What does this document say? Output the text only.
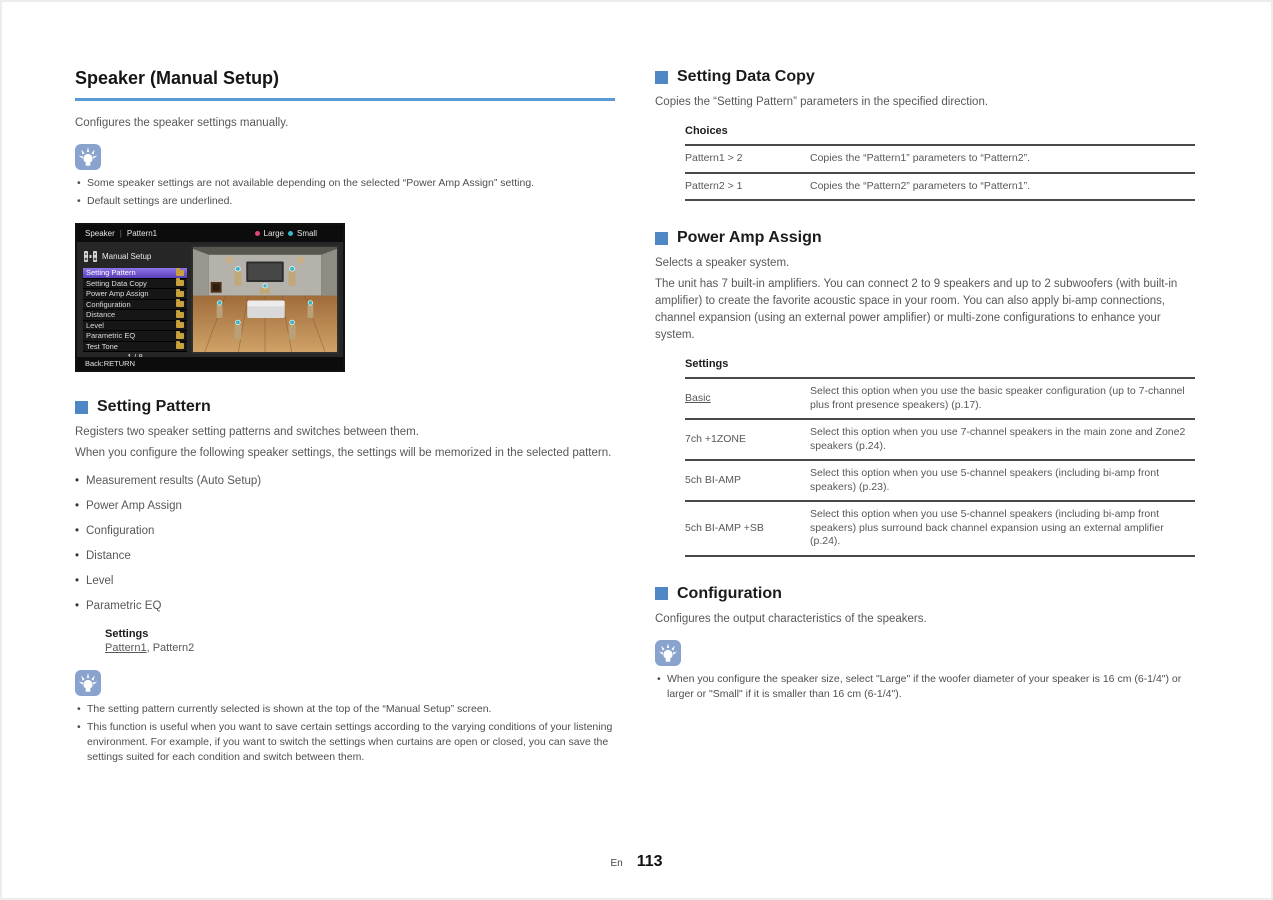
Speaker (Manual Setup)

Configures the speaker settings manually.

• Some speaker settings are not available depending on the selected “Power Amp Assign” setting.
• Default settings are underlined.
Speaker | Pattern1	Large Small
Manual Setup
Setting Pattern
Setting Data Copy
Power Amp Assign
Configuration
Distance
Level
Parametric EQ
Test Tone
Back:RETURN
Setting Pattern

Registers two speaker setting patterns and switches between them.

When you configure the following speaker settings, the settings will be memorized in the selected pattern.

• Measurement results (Auto Setup)
• Power Amp Assign
• Configuration
• Distance
• Level
• Parametric EQ
Settings
Pattern1, Pattern2
• The setting pattern currently selected is shown at the top of the “Manual Setup” screen.
• This function is useful when you want to save certain settings according to the varying conditions of your listening environment. For example, if you want to switch the settings when curtains are open or closed, you can save the settings suited for each condition and switch between them.
Setting Data Copy

Copies the “Setting Pattern” parameters in the specified direction.

Choices
Pattern1 > 2	Copies the “Pattern1” parameters to “Pattern2”.
Pattern2 > 1	Copies the “Pattern2” parameters to “Pattern1”.
Power Amp Assign

Selects a speaker system.

The unit has 7 built-in amplifiers. You can connect 2 to 9 speakers and up to 2 subwoofers (with built-in amplifier) to create the favorite acoustic space in your room. You can also apply bi-amp connections, channel expansion (using an external power amplifier) or multi-zone configurations to enhance your system.

Settings
Basic	Select this option when you use the basic speaker configuration (up to 7-channel plus front presence speakers) (p.17).
7ch +1ZONE	Select this option when you use 7-channel speakers in the main zone and Zone2 speakers (p.24).
5ch BI-AMP	Select this option when you use 5-channel speakers (including bi-amp front speakers) (p.23).
5ch BI-AMP +SB	Select this option when you use 5-channel speakers (including bi-amp front speakers) plus surround back channel expansion using an external amplifier (p.24).
Configuration

Configures the output characteristics of the speakers.

• When you configure the speaker size, select "Large" if the woofer diameter of your speaker is 16 cm (6-1/4") or larger or "Small" if it is smaller than 16 cm (6-1/4").
En 113
